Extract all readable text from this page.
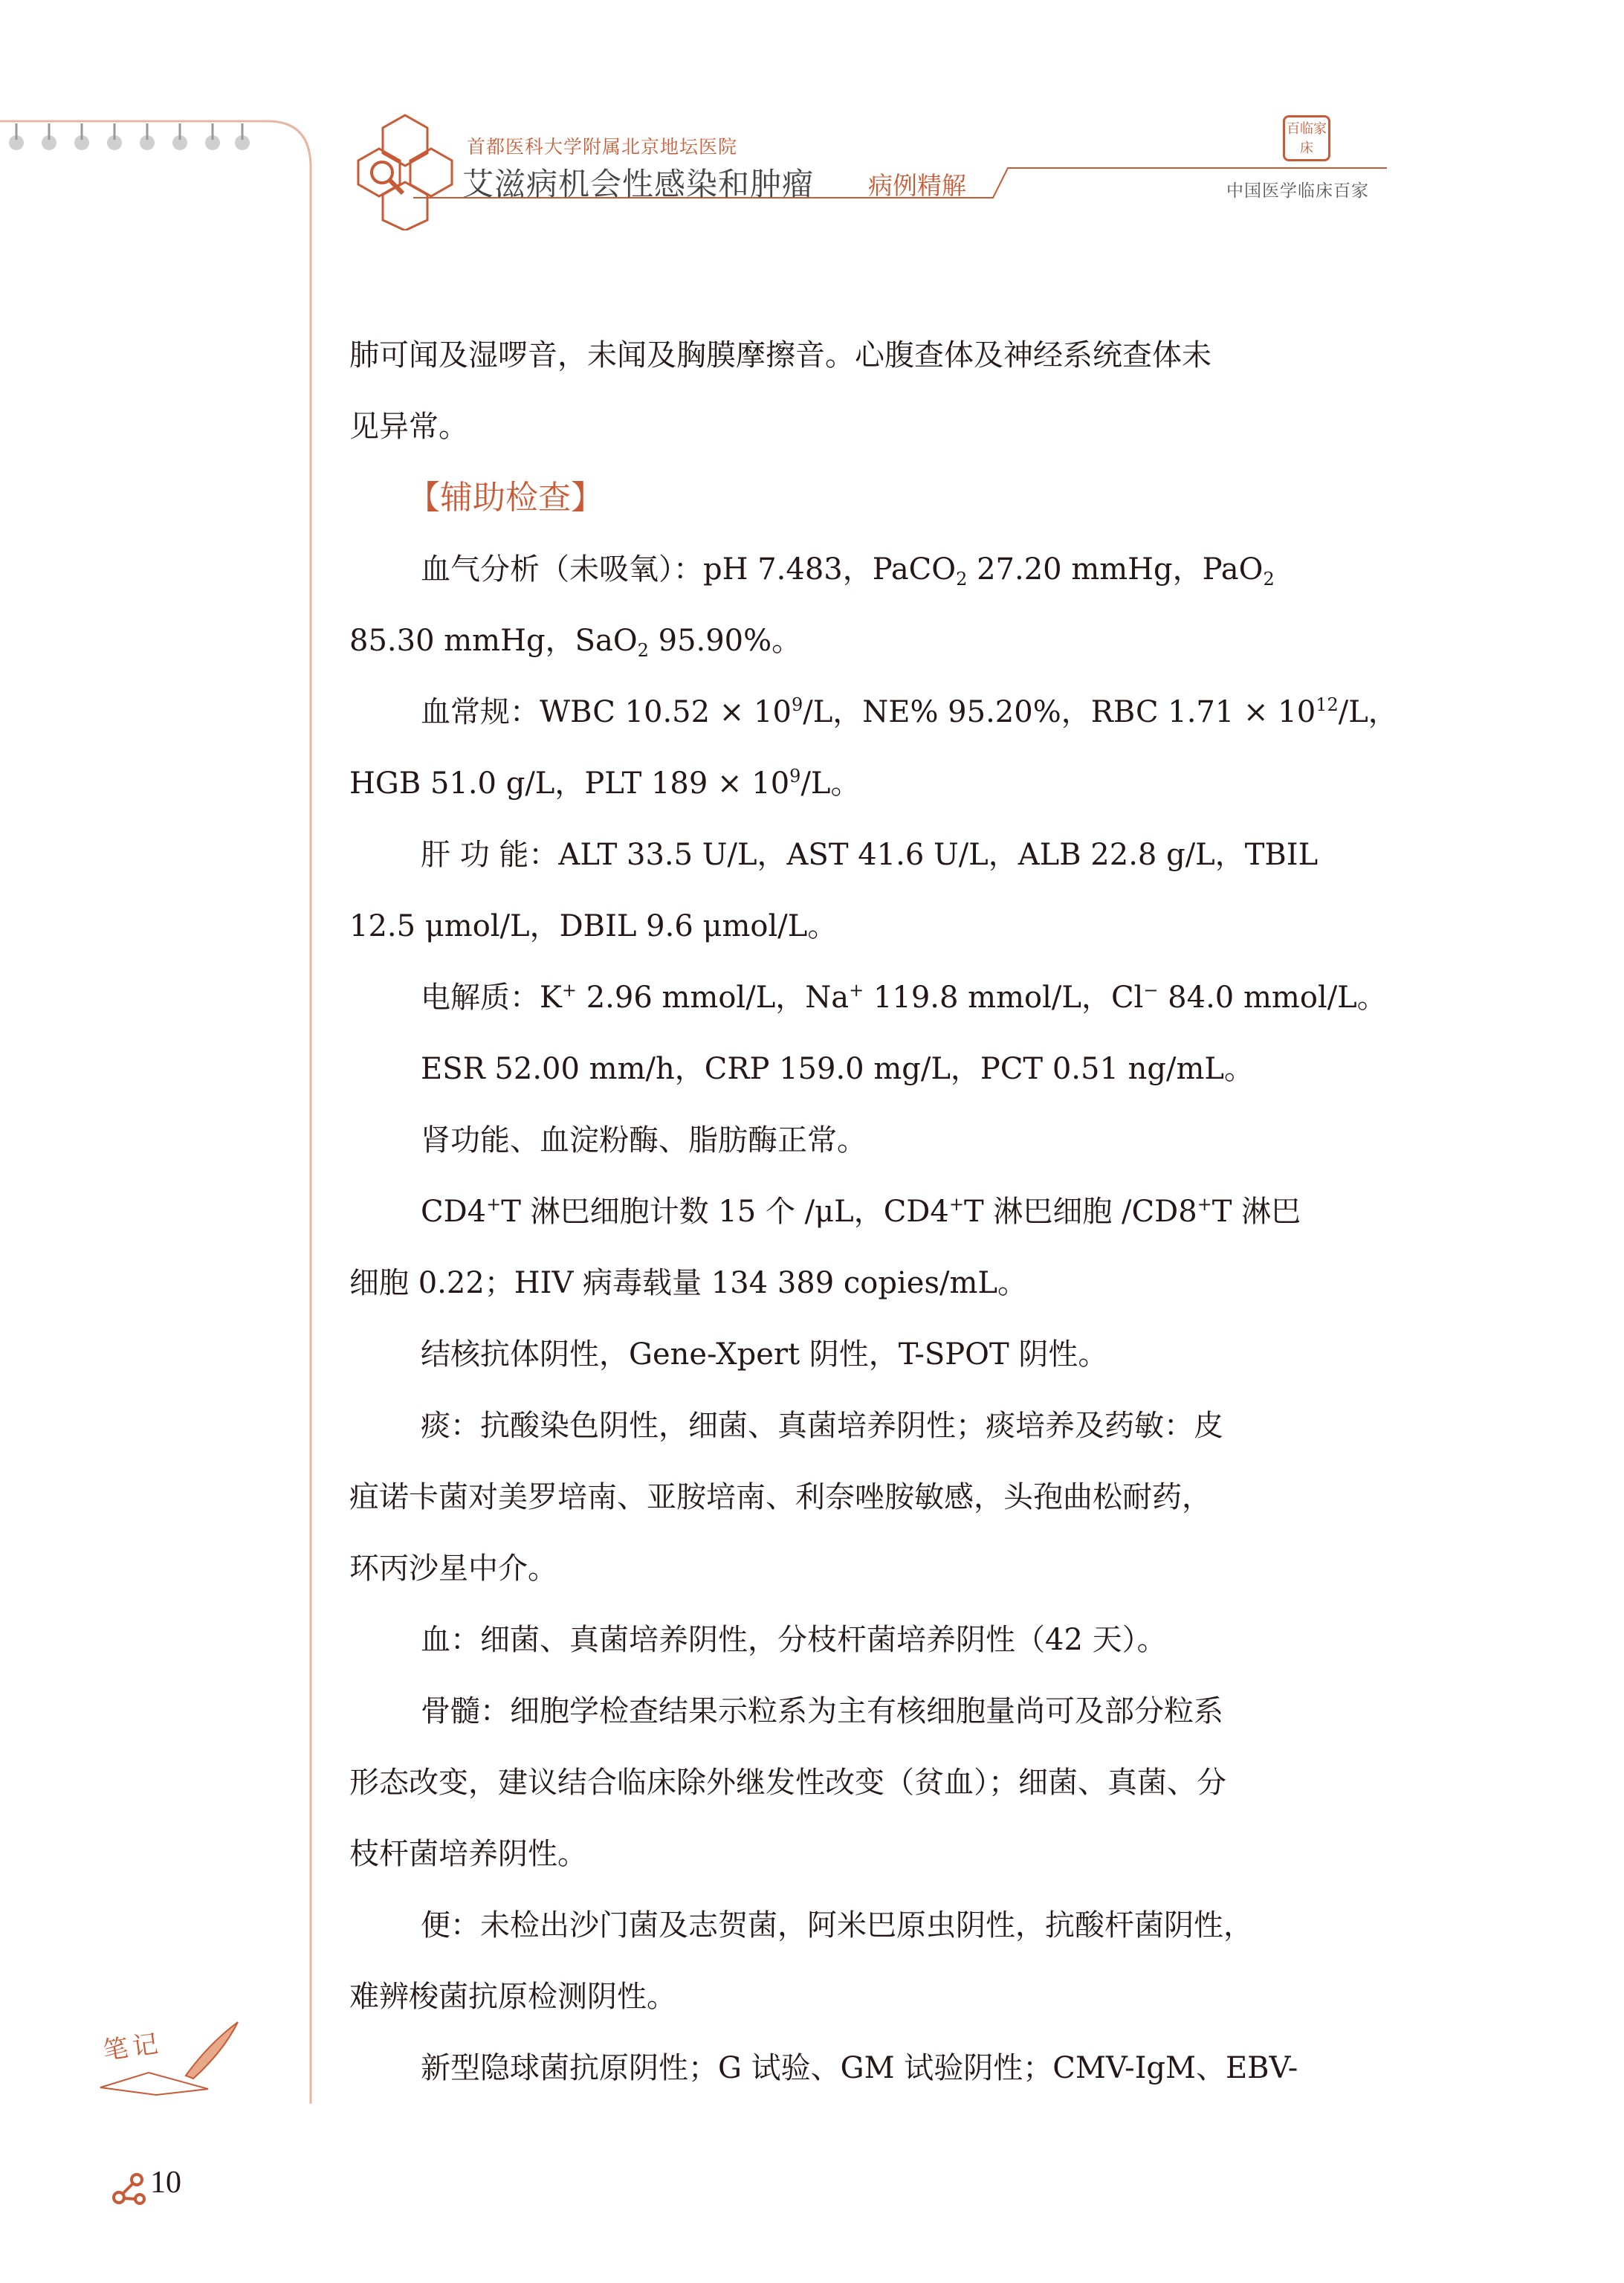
首都医科大学附属北京地坛医院
艾滋病机会性感染和肿瘤 病例精解
百临家床
中国医学临床百家

肺可闻及湿啰音，未闻及胸膜摩擦音。心腹查体及神经系统查体未

见异常。

【辅助检查】

血气分析（未吸氧）：pH 7.483，PaCO$_2$ 27.20 mmHg，PaO$_2$

85.30 mmHg，SaO$_2$ 95.90%。

血常规：WBC $10.52 \times 10^9/L$，NE% 95.20%，RBC $1.71 \times 10^{12}/L$，

HGB 51.0 g/L，PLT $189 \times 10^9/L$。

肝 功 能：ALT 33.5 U/L，AST 41.6 U/L，ALB 22.8 g/L，TBIL

12.5 μmol/L，DBIL 9.6 μmol/L。

电解质：K+ 2.96 mmol/L，Na+ 119.8 mmol/L，Cl− 84.0 mmol/L。

ESR 52.00 mm/h，CRP 159.0 mg/L，PCT 0.51 ng/mL。

肾功能、血淀粉酶、脂肪酶正常。

CD4+T 淋巴细胞计数 15 个 /μL，CD4+T 淋巴细胞 /CD8+T 淋巴

细胞 0.22；HIV 病毒载量 134 389 copies/mL。

结核抗体阴性，Gene-Xpert 阴性，T-SPOT 阴性。

痰：抗酸染色阴性，细菌、真菌培养阴性；痰培养及药敏：皮

疽诺卡菌对美罗培南、亚胺培南、利奈唑胺敏感，头孢曲松耐药，

环丙沙星中介。

血：细菌、真菌培养阴性，分枝杆菌培养阴性（42 天）。

骨髓：细胞学检查结果示粒系为主有核细胞量尚可及部分粒系

形态改变，建议结合临床除外继发性改变（贫血）；细菌、真菌、分

枝杆菌培养阴性。

便：未检出沙门菌及志贺菌，阿米巴原虫阴性，抗酸杆菌阴性，

难辨梭菌抗原检测阴性。

新型隐球菌抗原阴性；G 试验、GM 试验阴性；CMV-IgM、EBV-

笔记
10
